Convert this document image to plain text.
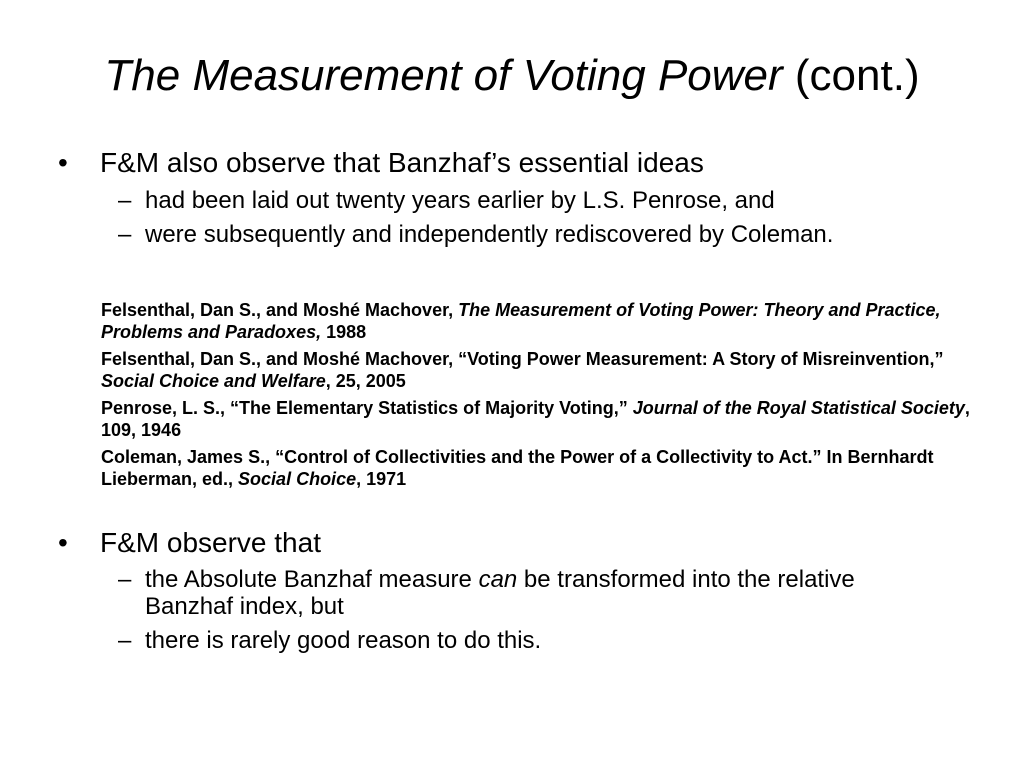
The Measurement of Voting Power (cont.)
• F&M also observe that Banzhaf’s essential ideas
– had been laid out twenty years earlier by L.S. Penrose, and
– were subsequently and independently rediscovered by Coleman.
Felsenthal, Dan S., and Moshé Machover, The Measurement of Voting Power: Theory and Practice, Problems and Paradoxes, 1988
Felsenthal, Dan S., and Moshé Machover, “Voting Power Measurement: A Story of Misreinvention,” Social Choice and Welfare, 25, 2005
Penrose, L. S., “The Elementary Statistics of Majority Voting,” Journal of the Royal Statistical Society, 109, 1946
Coleman, James S., “Control of Collectivities and the Power of a Collectivity to Act.” In Bernhardt Lieberman, ed., Social Choice, 1971
• F&M observe that
– the Absolute Banzhaf measure can be transformed into the relative Banzhaf index, but
– there is rarely good reason to do this.
